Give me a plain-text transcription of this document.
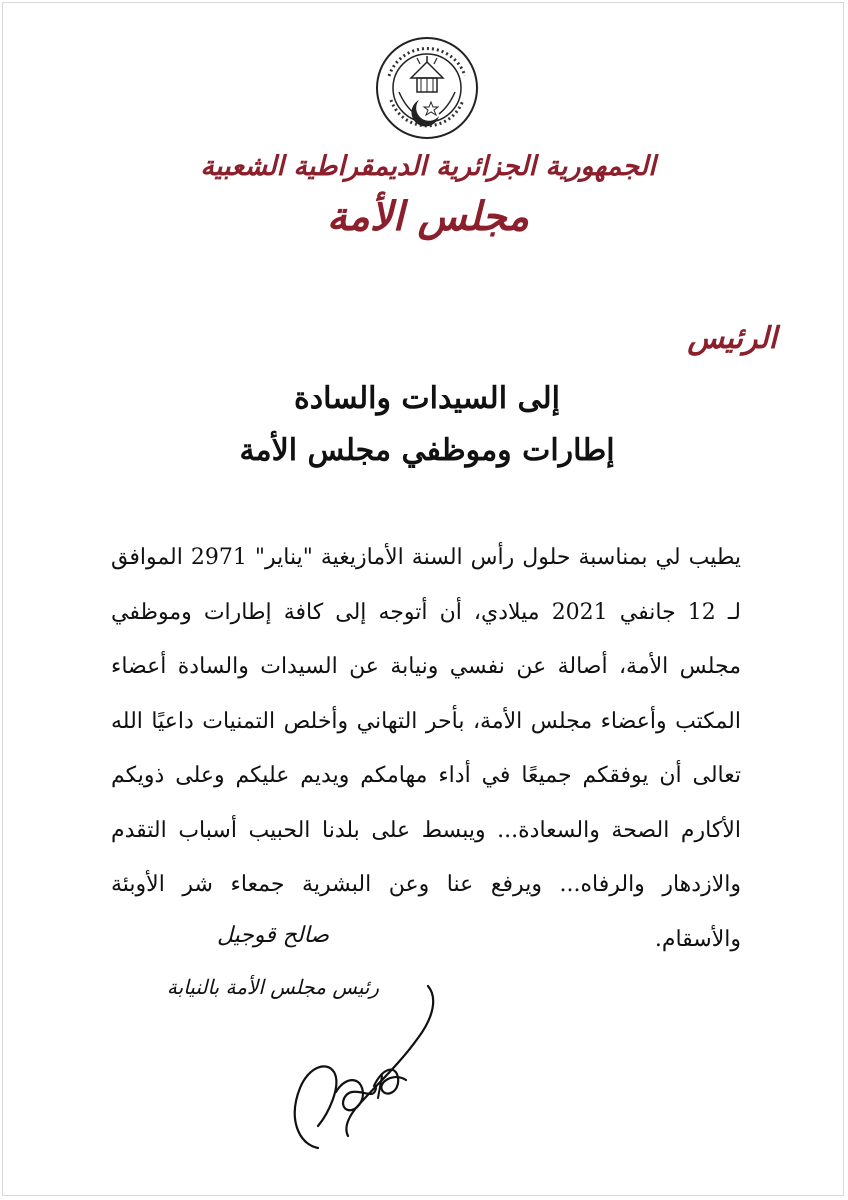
الجمهورية الجزائرية الديمقراطية الشعبية
مجلس الأمة
الرئيس
إلى السيدات والسادة
إطارات وموظفي مجلس الأمة

يطيب لي بمناسبة حلول رأس السنة الأمازيغية "يناير" 2971 الموافق لـ 12 جانفي 2021 ميلادي، أن أتوجه إلى كافة إطارات وموظفي مجلس الأمة، أصالة عن نفسي ونيابة عن السيدات والسادة أعضاء المكتب وأعضاء مجلس الأمة، بأحر التهاني وأخلص التمنيات داعيًا الله تعالى أن يوفقكم جميعًا في أداء مهامكم ويديم عليكم وعلى ذويكم الأكارم الصحة والسعادة... ويبسط على بلدنا الحبيب أسباب التقدم والازدهار والرفاه... ويرفع عنا وعن البشرية جمعاء شر الأوبئة والأسقام.

صالح قوجيل
رئيس مجلس الأمة بالنيابة
